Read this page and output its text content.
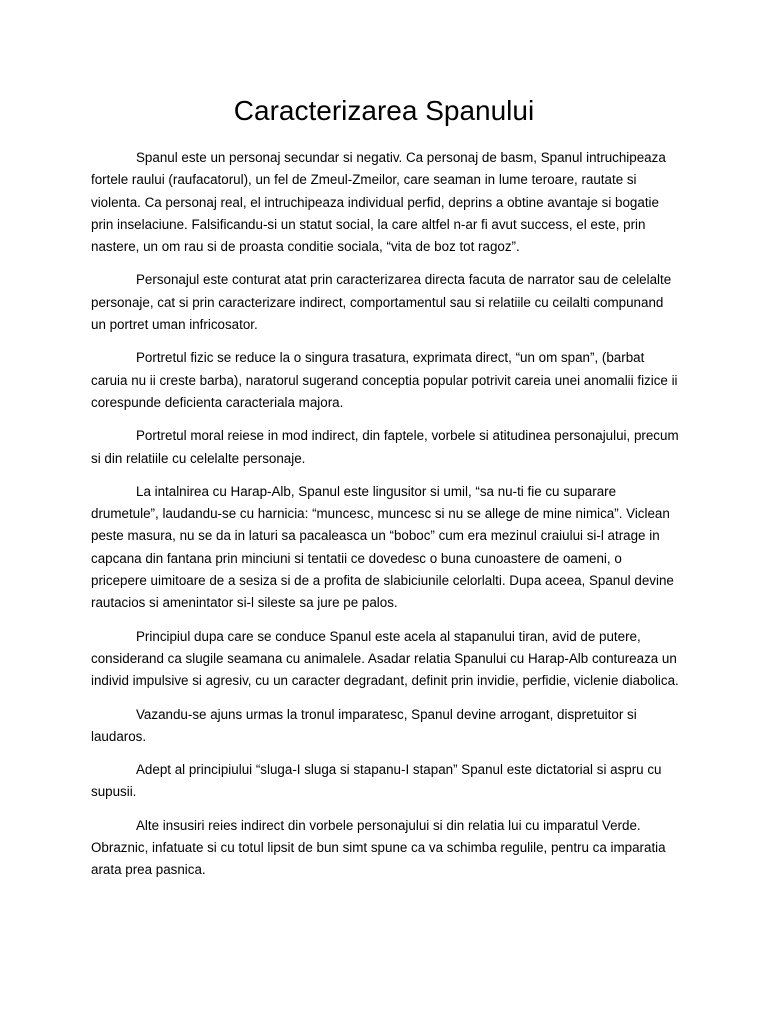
Caracterizarea Spanului

Spanul este un personaj secundar si negativ. Ca personaj de basm, Spanul intruchipeaza fortele raului (raufacatorul), un fel de Zmeul-Zmeilor, care seaman in lume teroare, rautate si violenta. Ca personaj real, el intruchipeaza individual perfid, deprins a obtine avantaje si bogatie prin inselaciune. Falsificandu-si un statut social, la care altfel n-ar fi avut success, el este, prin nastere, un om rau si de proasta conditie sociala, “vita de boz tot ragoz”.

Personajul este conturat atat prin caracterizarea directa facuta de narrator sau de celelalte personaje, cat si prin caracterizare indirect, comportamentul sau si relatiile cu ceilalti compunand un portret uman infricosator.

Portretul fizic se reduce la o singura trasatura, exprimata direct, “un om span”, (barbat caruia nu ii creste barba), naratorul sugerand conceptia popular potrivit careia unei anomalii fizice ii corespunde deficienta caracteriala majora.

Portretul moral reiese in mod indirect, din faptele, vorbele si atitudinea personajului, precum si din relatiile cu celelalte personaje.

La intalnirea cu Harap-Alb, Spanul este lingusitor si umil, “sa nu-ti fie cu suparare drumetule”, laudandu-se cu harnicia: “muncesc, muncesc si nu se allege de mine nimica”. Viclean peste masura, nu se da in laturi sa pacaleasca un “boboc” cum era mezinul craiului si-l atrage in capcana din fantana prin minciuni si tentatii ce dovedesc o buna cunoastere de oameni, o pricepere uimitoare de a sesiza si de a profita de slabiciunile celorlalti. Dupa aceea, Spanul devine rautacios si amenintator si-l sileste sa jure pe palos.

Principiul dupa care se conduce Spanul este acela al stapanului tiran, avid de putere, considerand ca slugile seamana cu animalele. Asadar relatia Spanului cu Harap-Alb contureaza un individ impulsive si agresiv, cu un caracter degradant, definit prin invidie, perfidie, viclenie diabolica.

Vazandu-se ajuns urmas la tronul imparatesc, Spanul devine arrogant, dispretuitor si laudaros.

Adept al principiului “sluga-I sluga si stapanu-I stapan” Spanul este dictatorial si aspru cu supusii.

Alte insusiri reies indirect din vorbele personajului si din relatia lui cu imparatul Verde. Obraznic, infatuate si cu totul lipsit de bun simt spune ca va schimba regulile, pentru ca imparatia arata prea pasnica.
